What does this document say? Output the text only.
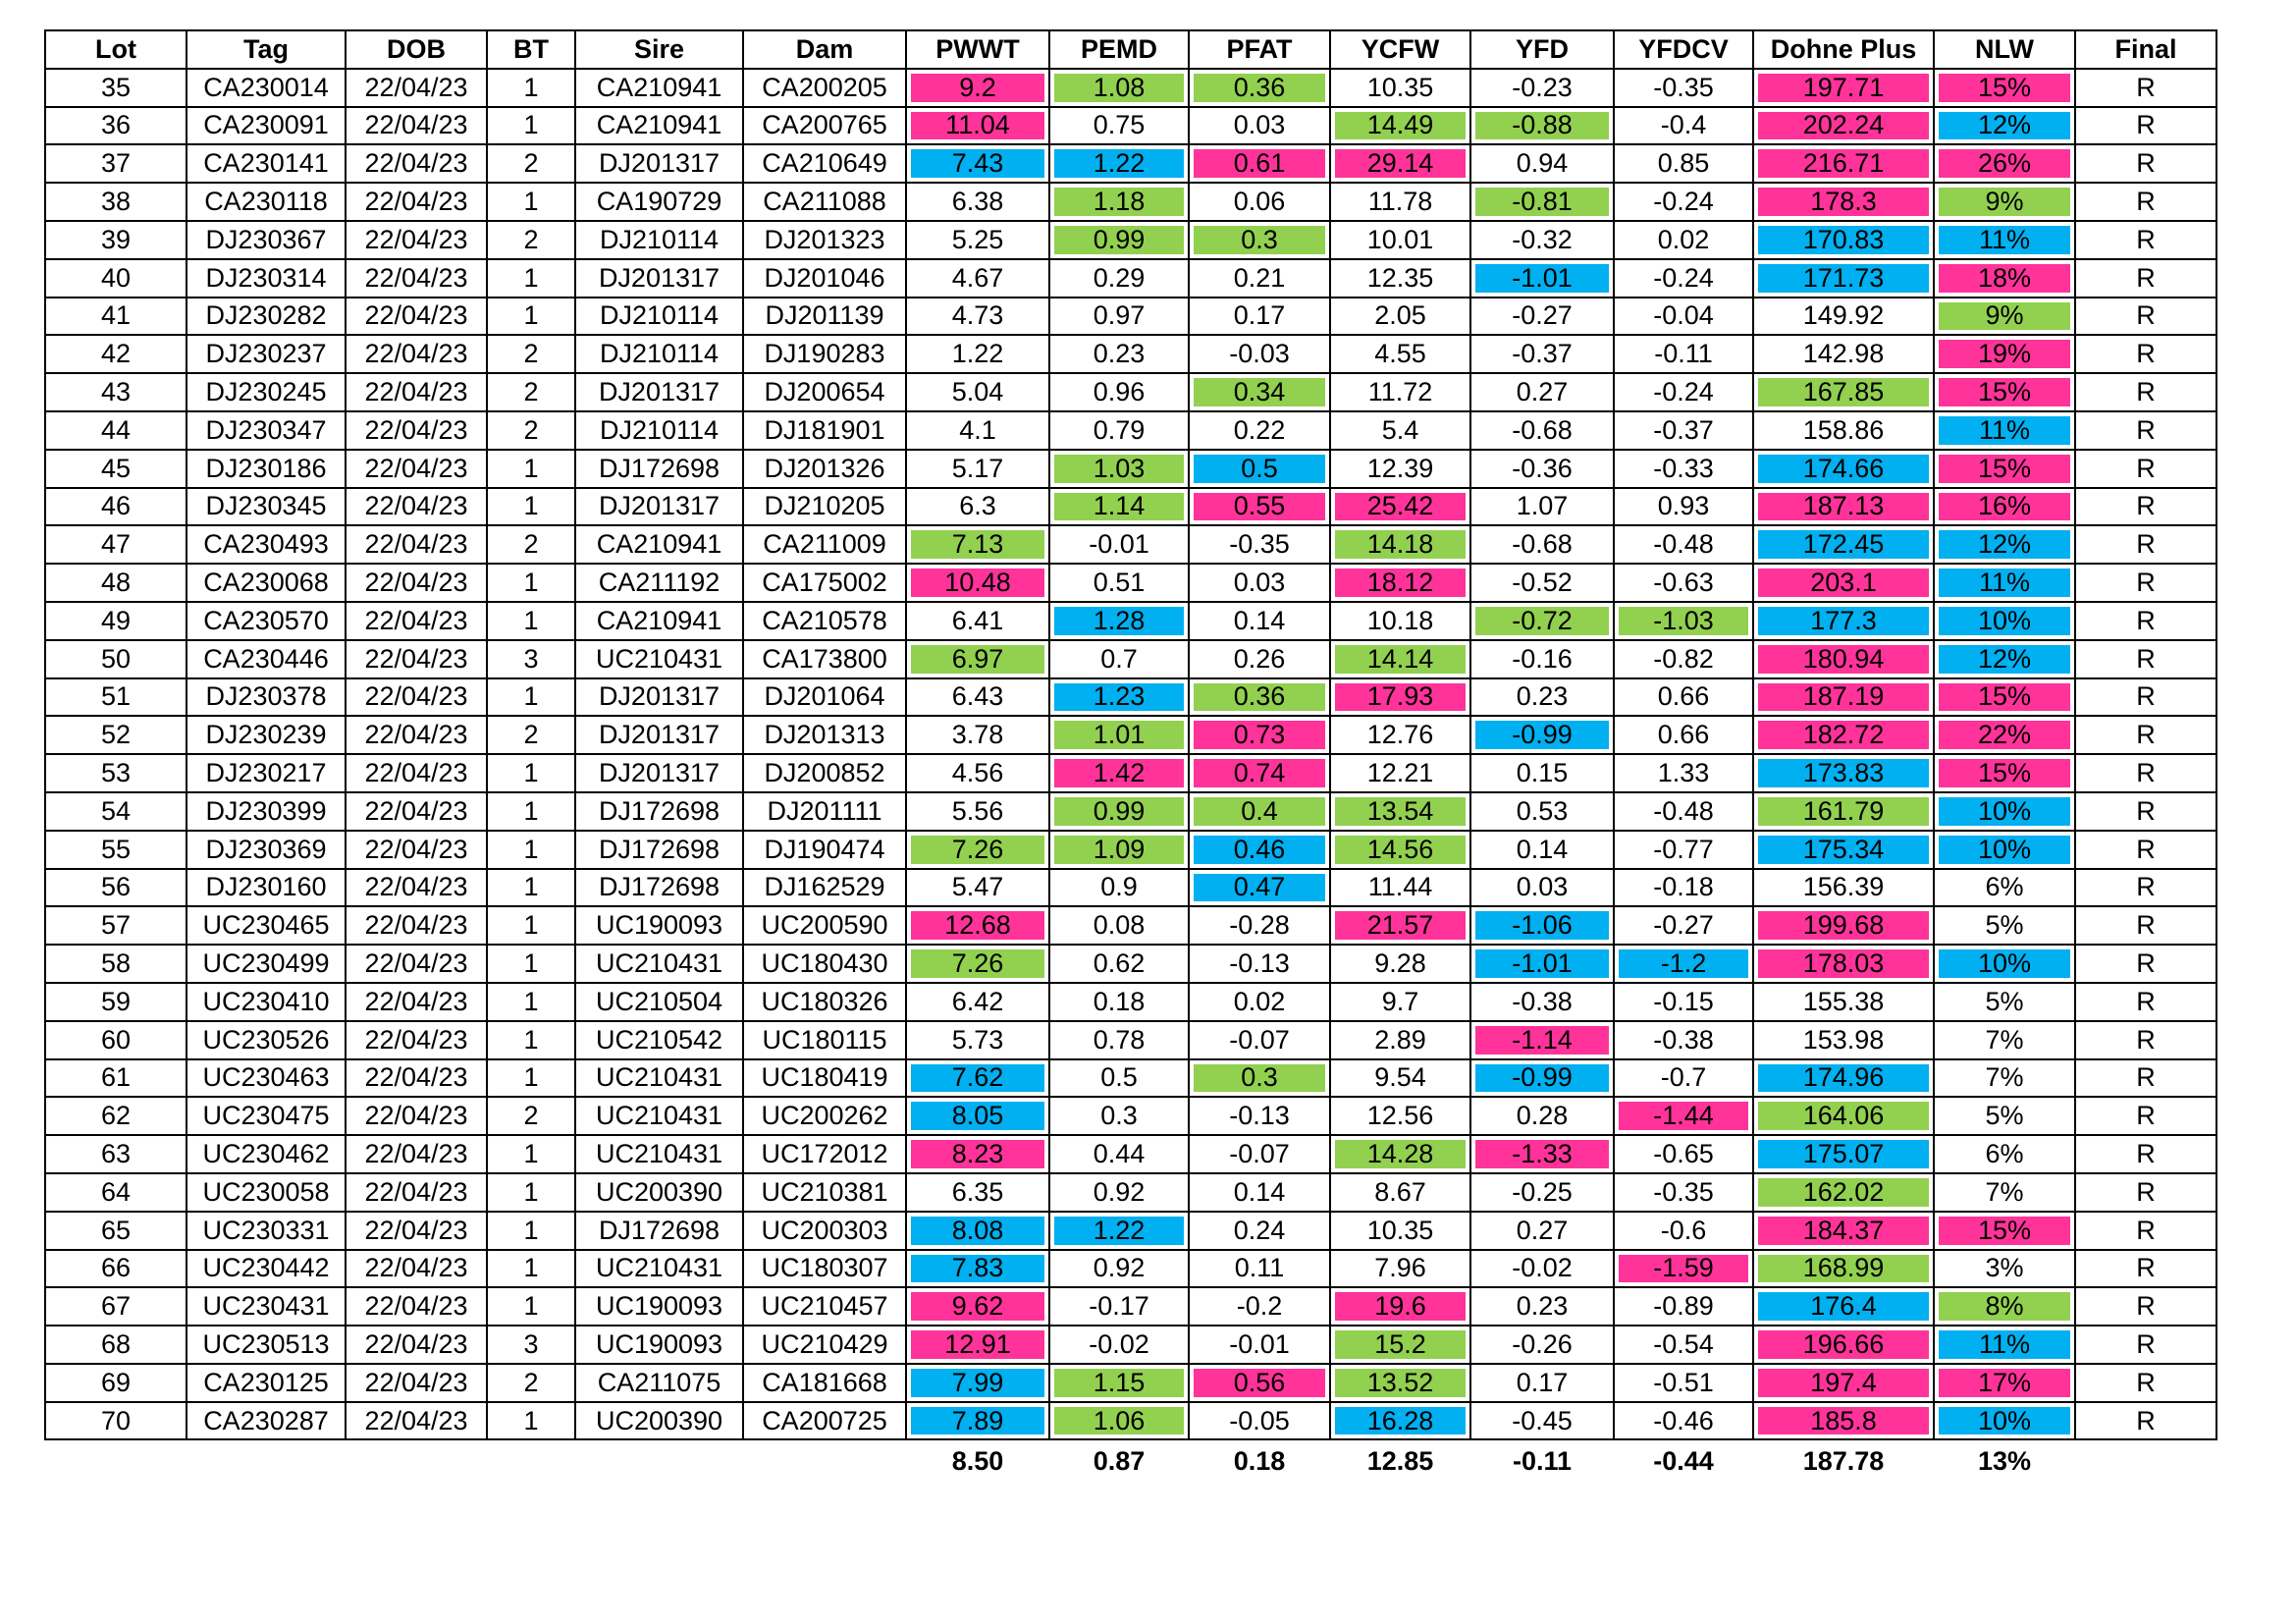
Lot	Tag	DOB	BT	Sire	Dam	PWWT	PEMD	PFAT	YCFW	YFD	YFDCV	Dohne Plus	NLW	Final
35	CA230014	22/04/23	1	CA210941	CA200205	9.2	1.08	0.36	10.35	-0.23	-0.35	197.71	15%	R
36	CA230091	22/04/23	1	CA210941	CA200765	11.04	0.75	0.03	14.49	-0.88	-0.4	202.24	12%	R
37	CA230141	22/04/23	2	DJ201317	CA210649	7.43	1.22	0.61	29.14	0.94	0.85	216.71	26%	R
38	CA230118	22/04/23	1	CA190729	CA211088	6.38	1.18	0.06	11.78	-0.81	-0.24	178.3	9%	R
39	DJ230367	22/04/23	2	DJ210114	DJ201323	5.25	0.99	0.3	10.01	-0.32	0.02	170.83	11%	R
40	DJ230314	22/04/23	1	DJ201317	DJ201046	4.67	0.29	0.21	12.35	-1.01	-0.24	171.73	18%	R
41	DJ230282	22/04/23	1	DJ210114	DJ201139	4.73	0.97	0.17	2.05	-0.27	-0.04	149.92	9%	R
42	DJ230237	22/04/23	2	DJ210114	DJ190283	1.22	0.23	-0.03	4.55	-0.37	-0.11	142.98	19%	R
43	DJ230245	22/04/23	2	DJ201317	DJ200654	5.04	0.96	0.34	11.72	0.27	-0.24	167.85	15%	R
44	DJ230347	22/04/23	2	DJ210114	DJ181901	4.1	0.79	0.22	5.4	-0.68	-0.37	158.86	11%	R
45	DJ230186	22/04/23	1	DJ172698	DJ201326	5.17	1.03	0.5	12.39	-0.36	-0.33	174.66	15%	R
46	DJ230345	22/04/23	1	DJ201317	DJ210205	6.3	1.14	0.55	25.42	1.07	0.93	187.13	16%	R
47	CA230493	22/04/23	2	CA210941	CA211009	7.13	-0.01	-0.35	14.18	-0.68	-0.48	172.45	12%	R
48	CA230068	22/04/23	1	CA211192	CA175002	10.48	0.51	0.03	18.12	-0.52	-0.63	203.1	11%	R
49	CA230570	22/04/23	1	CA210941	CA210578	6.41	1.28	0.14	10.18	-0.72	-1.03	177.3	10%	R
50	CA230446	22/04/23	3	UC210431	CA173800	6.97	0.7	0.26	14.14	-0.16	-0.82	180.94	12%	R
51	DJ230378	22/04/23	1	DJ201317	DJ201064	6.43	1.23	0.36	17.93	0.23	0.66	187.19	15%	R
52	DJ230239	22/04/23	2	DJ201317	DJ201313	3.78	1.01	0.73	12.76	-0.99	0.66	182.72	22%	R
53	DJ230217	22/04/23	1	DJ201317	DJ200852	4.56	1.42	0.74	12.21	0.15	1.33	173.83	15%	R
54	DJ230399	22/04/23	1	DJ172698	DJ201111	5.56	0.99	0.4	13.54	0.53	-0.48	161.79	10%	R
55	DJ230369	22/04/23	1	DJ172698	DJ190474	7.26	1.09	0.46	14.56	0.14	-0.77	175.34	10%	R
56	DJ230160	22/04/23	1	DJ172698	DJ162529	5.47	0.9	0.47	11.44	0.03	-0.18	156.39	6%	R
57	UC230465	22/04/23	1	UC190093	UC200590	12.68	0.08	-0.28	21.57	-1.06	-0.27	199.68	5%	R
58	UC230499	22/04/23	1	UC210431	UC180430	7.26	0.62	-0.13	9.28	-1.01	-1.2	178.03	10%	R
59	UC230410	22/04/23	1	UC210504	UC180326	6.42	0.18	0.02	9.7	-0.38	-0.15	155.38	5%	R
60	UC230526	22/04/23	1	UC210542	UC180115	5.73	0.78	-0.07	2.89	-1.14	-0.38	153.98	7%	R
61	UC230463	22/04/23	1	UC210431	UC180419	7.62	0.5	0.3	9.54	-0.99	-0.7	174.96	7%	R
62	UC230475	22/04/23	2	UC210431	UC200262	8.05	0.3	-0.13	12.56	0.28	-1.44	164.06	5%	R
63	UC230462	22/04/23	1	UC210431	UC172012	8.23	0.44	-0.07	14.28	-1.33	-0.65	175.07	6%	R
64	UC230058	22/04/23	1	UC200390	UC210381	6.35	0.92	0.14	8.67	-0.25	-0.35	162.02	7%	R
65	UC230331	22/04/23	1	DJ172698	UC200303	8.08	1.22	0.24	10.35	0.27	-0.6	184.37	15%	R
66	UC230442	22/04/23	1	UC210431	UC180307	7.83	0.92	0.11	7.96	-0.02	-1.59	168.99	3%	R
67	UC230431	22/04/23	1	UC190093	UC210457	9.62	-0.17	-0.2	19.6	0.23	-0.89	176.4	8%	R
68	UC230513	22/04/23	3	UC190093	UC210429	12.91	-0.02	-0.01	15.2	-0.26	-0.54	196.66	11%	R
69	CA230125	22/04/23	2	CA211075	CA181668	7.99	1.15	0.56	13.52	0.17	-0.51	197.4	17%	R
70	CA230287	22/04/23	1	UC200390	CA200725	7.89	1.06	-0.05	16.28	-0.45	-0.46	185.8	10%	R
						8.50	0.87	0.18	12.85	-0.11	-0.44	187.78	13%	
